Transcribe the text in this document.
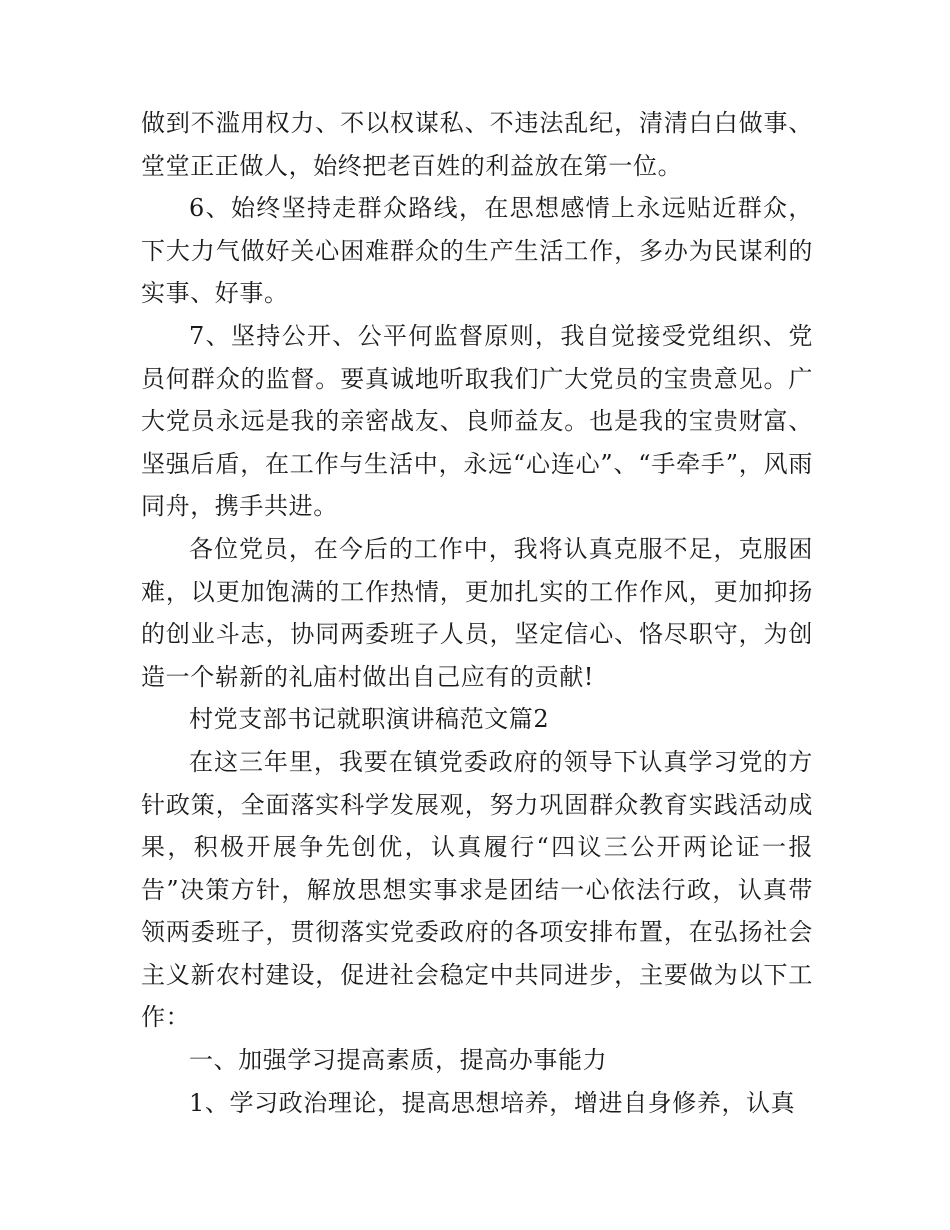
做到不滥用权力、不以权谋私、不违法乱纪，清清白白做事、堂堂正正做人，始终把老百姓的利益放在第一位。

6、始终坚持走群众路线，在思想感情上永远贴近群众，下大力气做好关心困难群众的生产生活工作，多办为民谋利的实事、好事。

7、坚持公开、公平何监督原则，我自觉接受党组织、党员何群众的监督。要真诚地听取我们广大党员的宝贵意见。广大党员永远是我的亲密战友、良师益友。也是我的宝贵财富、坚强后盾，在工作与生活中，永远“心连心”、“手牵手”，风雨同舟，携手共进。

各位党员，在今后的工作中，我将认真克服不足，克服困难，以更加饱满的工作热情，更加扎实的工作作风，更加抑扬的创业斗志，协同两委班子人员，坚定信心、恪尽职守，为创造一个崭新的礼庙村做出自己应有的贡献!

村党支部书记就职演讲稿范文篇2

在这三年里，我要在镇党委政府的领导下认真学习党的方针政策，全面落实科学发展观，努力巩固群众教育实践活动成果，积极开展争先创优，认真履行“四议三公开两论证一报告”决策方针，解放思想实事求是团结一心依法行政，认真带领两委班子，贯彻落实党委政府的各项安排布置，在弘扬社会主义新农村建设，促进社会稳定中共同进步，主要做为以下工作：

一、加强学习提高素质，提高办事能力

1、学习政治理论，提高思想培养，增进自身修养，认真
